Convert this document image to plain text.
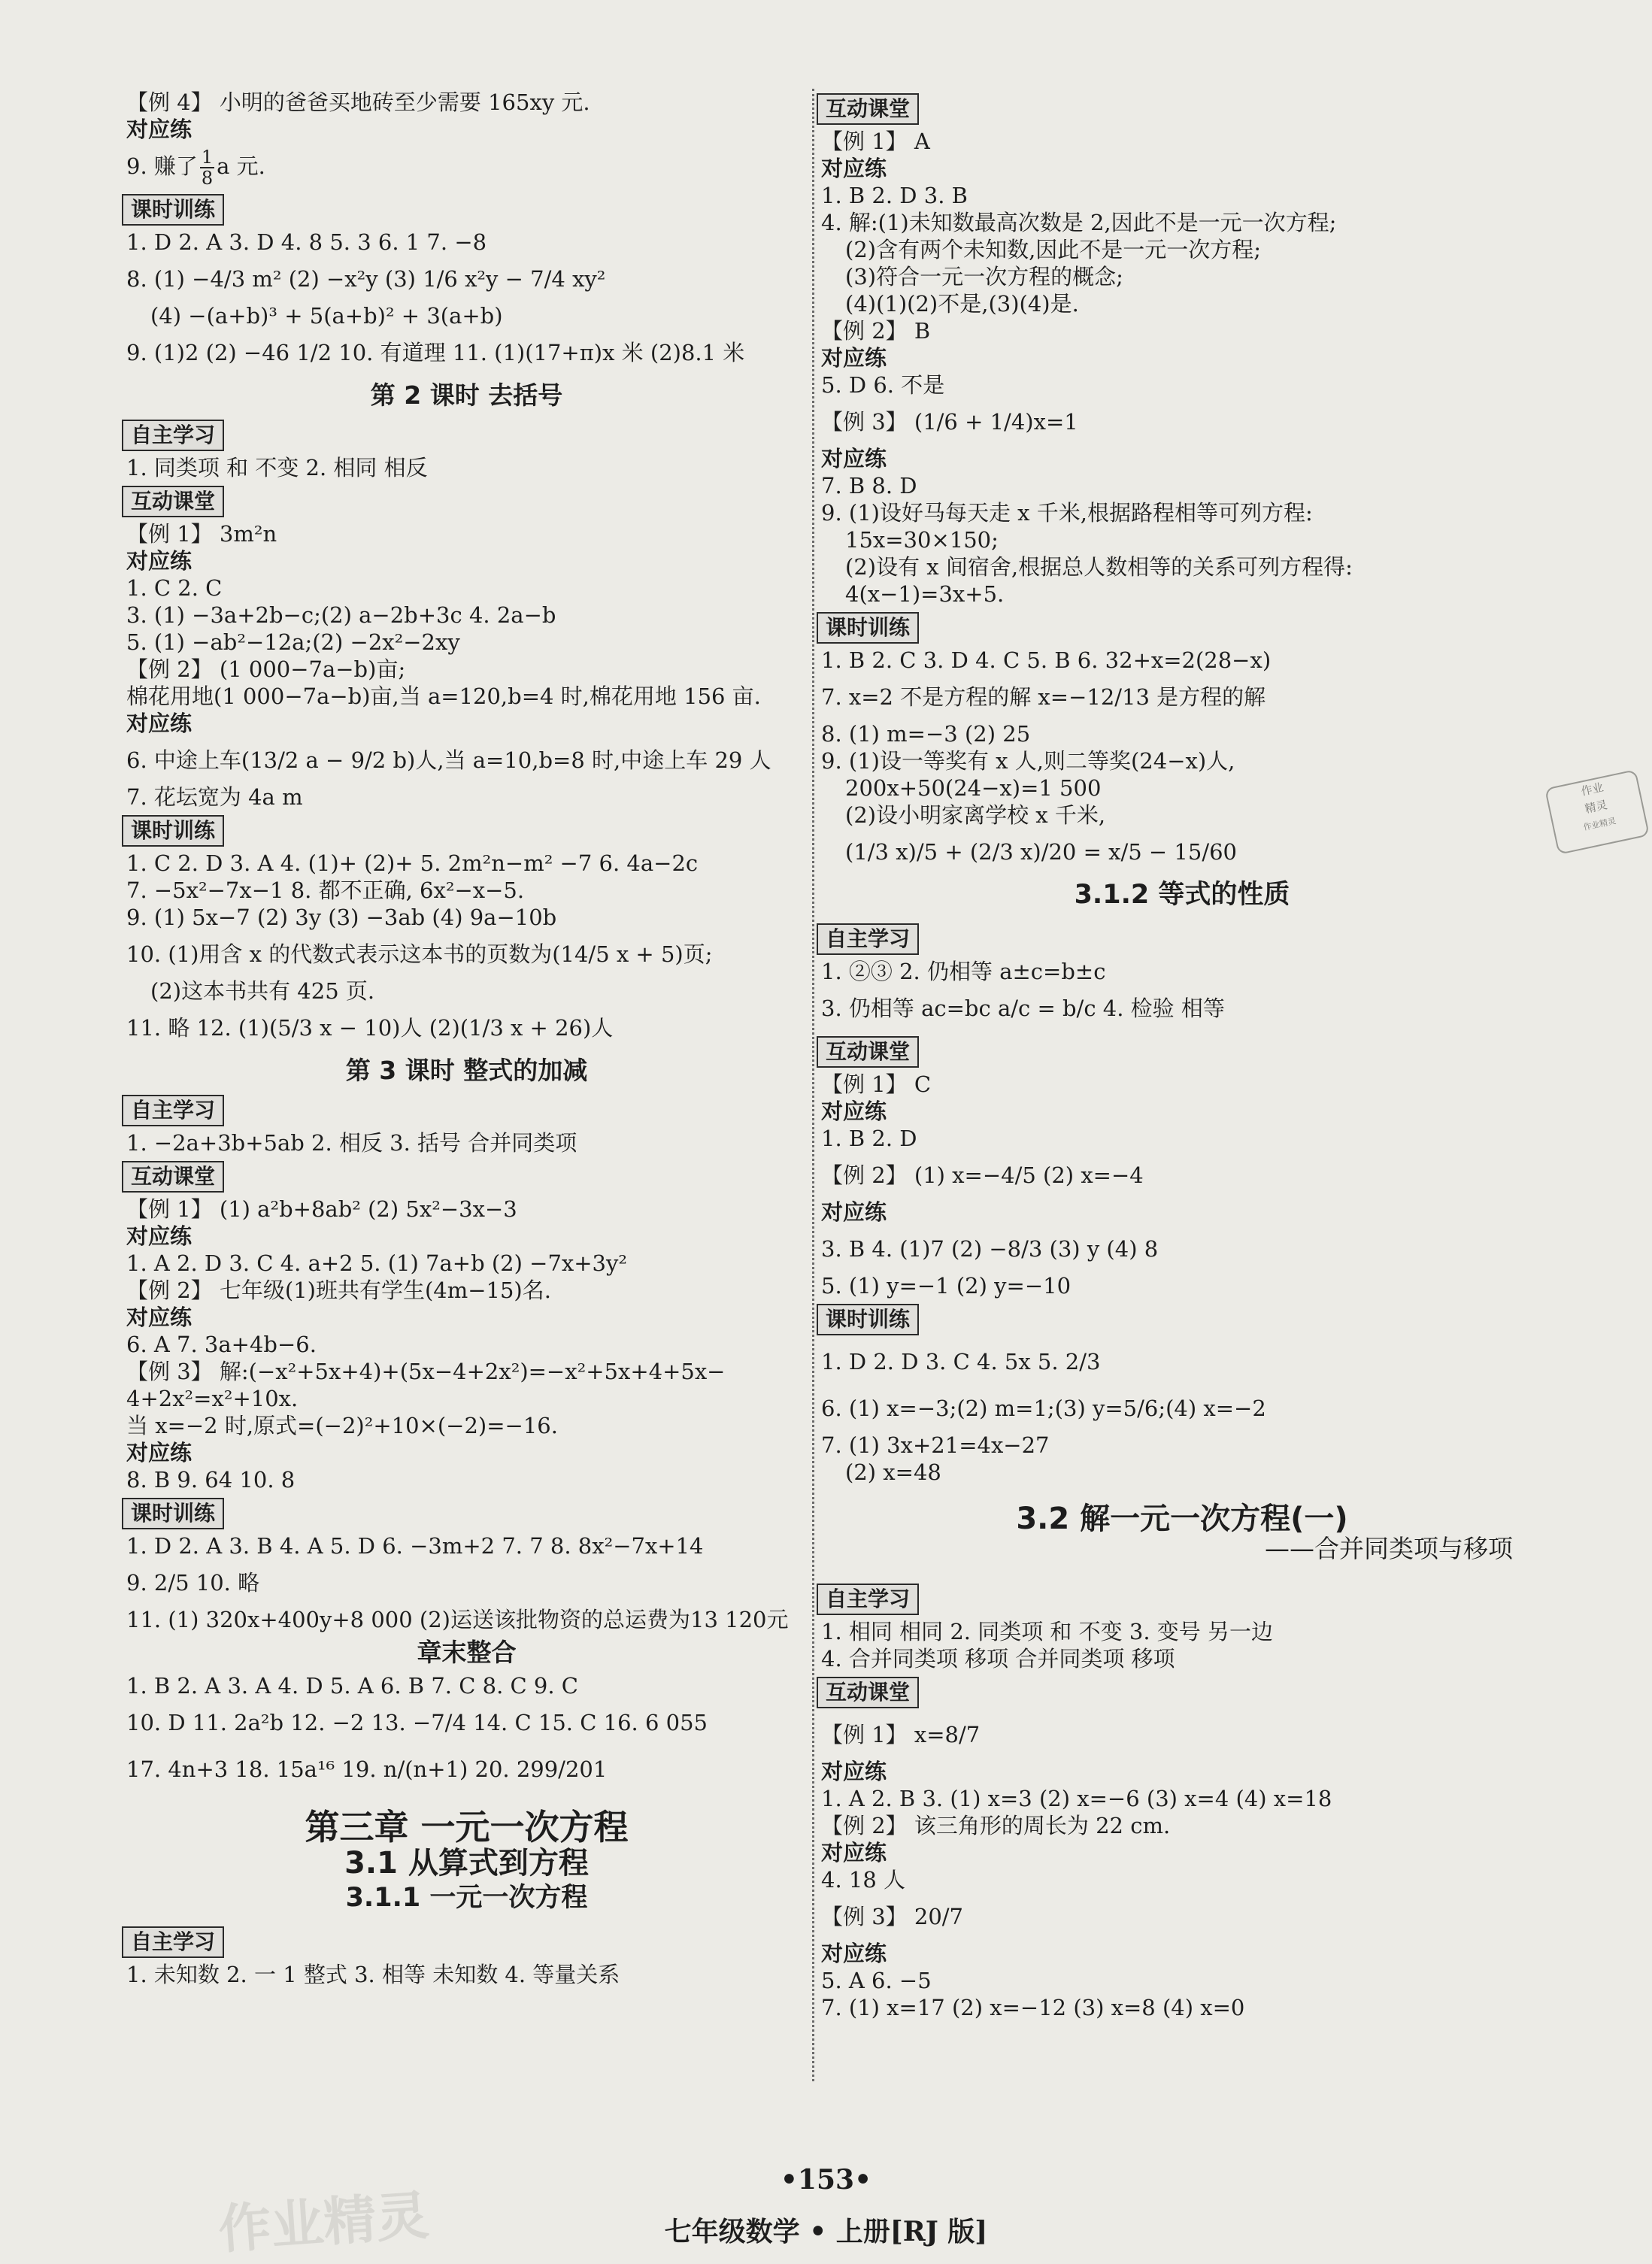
【例 4】 小明的爸爸买地砖至少需要 165xy 元.
对应练
9. 赚了 $\frac{1}{8}$ a 元.
课时训练
1. D 2. A 3. D 4. 8 5. 3 6. 1 7. −8
8. (1) −4/3 m² (2) −x²y (3) 1/6 x²y − 7/4 xy²
(4) −(a+b)³ + 5(a+b)² + 3(a+b)
9. (1)2 (2) −46 1/2 10. 有道理 11. (1)(17+π)x 米 (2)8.1 米
第 2 课时 去括号
自主学习
1. 同类项 和 不变 2. 相同 相反
互动课堂
【例 1】 3m²n
对应练
1. C 2. C
3. (1) −3a+2b−c;(2) a−2b+3c 4. 2a−b
5. (1) −ab²−12a;(2) −2x²−2xy
【例 2】 (1 000−7a−b)亩;
棉花用地(1 000−7a−b)亩,当 a=120,b=4 时,棉花用地 156 亩.
对应练
6. 中途上车(13/2 a − 9/2 b)人,当 a=10,b=8 时,中途上车 29 人
7. 花坛宽为 4a m
课时训练
1. C 2. D 3. A 4. (1)+ (2)+ 5. 2m²n−m² −7 6. 4a−2c
7. −5x²−7x−1 8. 都不正确, 6x²−x−5.
9. (1) 5x−7 (2) 3y (3) −3ab (4) 9a−10b
10. (1)用含 x 的代数式表示这本书的页数为(14/5 x + 5)页;
(2)这本书共有 425 页.
11. 略 12. (1)(5/3 x − 10)人 (2)(1/3 x + 26)人
第 3 课时 整式的加减
自主学习
1. −2a+3b+5ab 2. 相反 3. 括号 合并同类项
互动课堂
【例 1】 (1) a²b+8ab² (2) 5x²−3x−3
对应练
1. A 2. D 3. C 4. a+2 5. (1) 7a+b (2) −7x+3y²
【例 2】 七年级(1)班共有学生(4m−15)名.
对应练
6. A 7. 3a+4b−6.
【例 3】 解:(−x²+5x+4)+(5x−4+2x²)=−x²+5x+4+5x−
4+2x²=x²+10x.
当 x=−2 时,原式=(−2)²+10×(−2)=−16.
对应练
8. B 9. 64 10. 8
课时训练
1. D 2. A 3. B 4. A 5. D 6. −3m+2 7. 7 8. 8x²−7x+14
9. 2/5 10. 略
11. (1) 320x+400y+8 000 (2)运送该批物资的总运费为13 120元
章末整合
1. B 2. A 3. A 4. D 5. A 6. B 7. C 8. C 9. C
10. D 11. 2a²b 12. −2 13. −7/4 14. C 15. C 16. 6 055
17. 4n+3 18. 15a¹⁶ 19. n/(n+1) 20. 299/201
第三章 一元一次方程
3.1 从算式到方程
3.1.1 一元一次方程
自主学习
1. 未知数 2. 一 1 整式 3. 相等 未知数 4. 等量关系
互动课堂
【例 1】 A
对应练
1. B 2. D 3. B
4. 解:(1)未知数最高次数是 2,因此不是一元一次方程;
(2)含有两个未知数,因此不是一元一次方程;
(3)符合一元一次方程的概念;
(4)(1)(2)不是,(3)(4)是.
【例 2】 B
对应练
5. D 6. 不是
【例 3】 (1/6 + 1/4)x=1
对应练
7. B 8. D
9. (1)设好马每天走 x 千米,根据路程相等可列方程:
15x=30×150;
(2)设有 x 间宿舍,根据总人数相等的关系可列方程得:
4(x−1)=3x+5.
课时训练
1. B 2. C 3. D 4. C 5. B 6. 32+x=2(28−x)
7. x=2 不是方程的解 x=−12/13 是方程的解
8. (1) m=−3 (2) 25
9. (1)设一等奖有 x 人,则二等奖(24−x)人,
200x+50(24−x)=1 500
(2)设小明家离学校 x 千米,
(1/3 x)/5 + (2/3 x)/20 = x/5 − 15/60
3.1.2 等式的性质
自主学习
1. ②③ 2. 仍相等 a±c=b±c
3. 仍相等 ac=bc a/c = b/c 4. 检验 相等
互动课堂
【例 1】 C
对应练
1. B 2. D
【例 2】 (1) x=−4/5 (2) x=−4
对应练
3. B 4. (1)7 (2) −8/3 (3) y (4) 8
5. (1) y=−1 (2) y=−10
课时训练
1. D 2. D 3. C 4. 5x 5. 2/3
6. (1) x=−3;(2) m=1;(3) y=5/6;(4) x=−2
7. (1) 3x+21=4x−27
(2) x=48
3.2 解一元一次方程(一)
——合并同类项与移项
自主学习
1. 相同 相同 2. 同类项 和 不变 3. 变号 另一边
4. 合并同类项 移项 合并同类项 移项
互动课堂
【例 1】 x=8/7
对应练
1. A 2. B 3. (1) x=3 (2) x=−6 (3) x=4 (4) x=18
【例 2】 该三角形的周长为 22 cm.
对应练
4. 18 人
【例 3】 20/7
对应练
5. A 6. −5
7. (1) x=17 (2) x=−12 (3) x=8 (4) x=0
作业
精灵
作业精灵
作业精灵
•153•
七年级数学 • 上册[RJ 版]
